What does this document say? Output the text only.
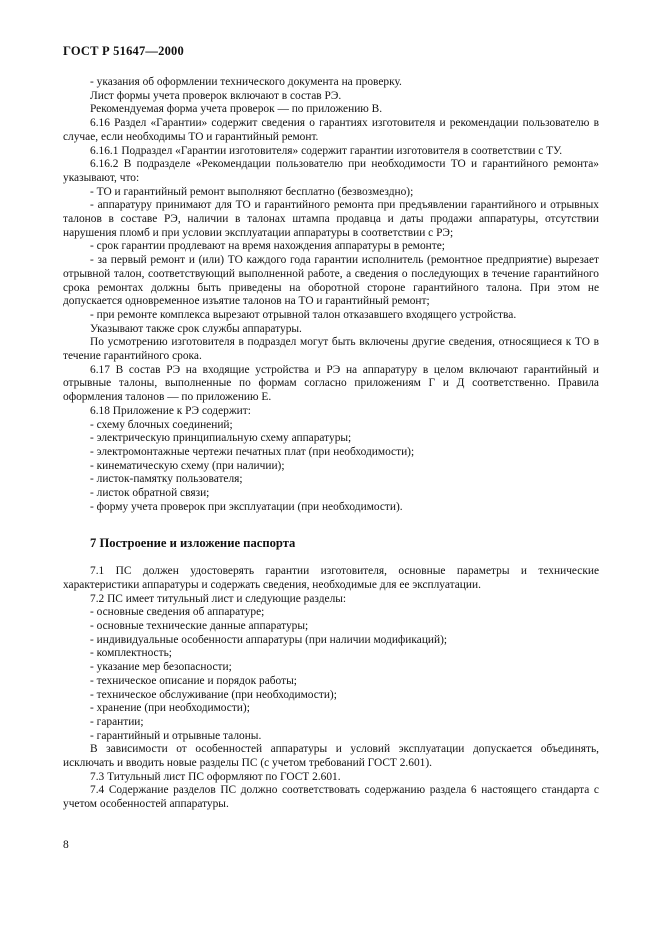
ГОСТ Р 51647—2000

- указания об оформлении технического документа на проверку.

Лист формы учета проверок включают в состав РЭ.

Рекомендуемая форма учета проверок — по приложению В.

6.16 Раздел «Гарантии» содержит сведения о гарантиях изготовителя и рекомендации пользователю в случае, если необходимы ТО и гарантийный ремонт.

6.16.1 Подраздел «Гарантии изготовителя» содержит гарантии изготовителя в соответствии с ТУ.

6.16.2 В подразделе «Рекомендации пользователю при необходимости ТО и гарантийного ремонта» указывают, что:

- ТО и гарантийный ремонт выполняют бесплатно (безвозмездно);

- аппаратуру принимают для ТО и гарантийного ремонта при предъявлении гарантийного и отрывных талонов в составе РЭ, наличии в талонах штампа продавца и даты продажи аппаратуры, отсутствии нарушения пломб и при условии эксплуатации аппаратуры в соответствии с РЭ;

- срок гарантии продлевают на время нахождения аппаратуры в ремонте;

- за первый ремонт и (или) ТО каждого года гарантии исполнитель (ремонтное предприятие) вырезает отрывной талон, соответствующий выполненной работе, а сведения о последующих в течение гарантийного срока ремонтах должны быть приведены на оборотной стороне гарантийного талона. При этом не допускается одновременное изъятие талонов на ТО и гарантийный ремонт;

- при ремонте комплекса вырезают отрывной талон отказавшего входящего устройства.

Указывают также срок службы аппаратуры.

По усмотрению изготовителя в подраздел могут быть включены другие сведения, относящиеся к ТО в течение гарантийного срока.

6.17 В состав РЭ на входящие устройства и РЭ на аппаратуру в целом включают гарантийный и отрывные талоны, выполненные по формам согласно приложениям Г и Д соответственно. Правила оформления талонов — по приложению Е.

6.18 Приложение к РЭ содержит:

- схему блочных соединений;

- электрическую принципиальную схему аппаратуры;

- электромонтажные чертежи печатных плат (при необходимости);

- кинематическую схему (при наличии);

- листок-памятку пользователя;

- листок обратной связи;

- форму учета проверок при эксплуатации (при необходимости).

7 Построение и изложение паспорта

7.1 ПС должен удостоверять гарантии изготовителя, основные параметры и технические характеристики аппаратуры и содержать сведения, необходимые для ее эксплуатации.

7.2 ПС имеет титульный лист и следующие разделы:

- основные сведения об аппаратуре;

- основные технические данные аппаратуры;

- индивидуальные особенности аппаратуры (при наличии модификаций);

- комплектность;

- указание мер безопасности;

- техническое описание и порядок работы;

- техническое обслуживание (при необходимости);

- хранение (при необходимости);

- гарантии;

- гарантийный и отрывные талоны.

В зависимости от особенностей аппаратуры и условий эксплуатации допускается объединять, исключать и вводить новые разделы ПС (с учетом требований ГОСТ 2.601).

7.3 Титульный лист ПС оформляют по ГОСТ 2.601.

7.4 Содержание разделов ПС должно соответствовать содержанию раздела 6 настоящего стандарта с учетом особенностей аппаратуры.

8
